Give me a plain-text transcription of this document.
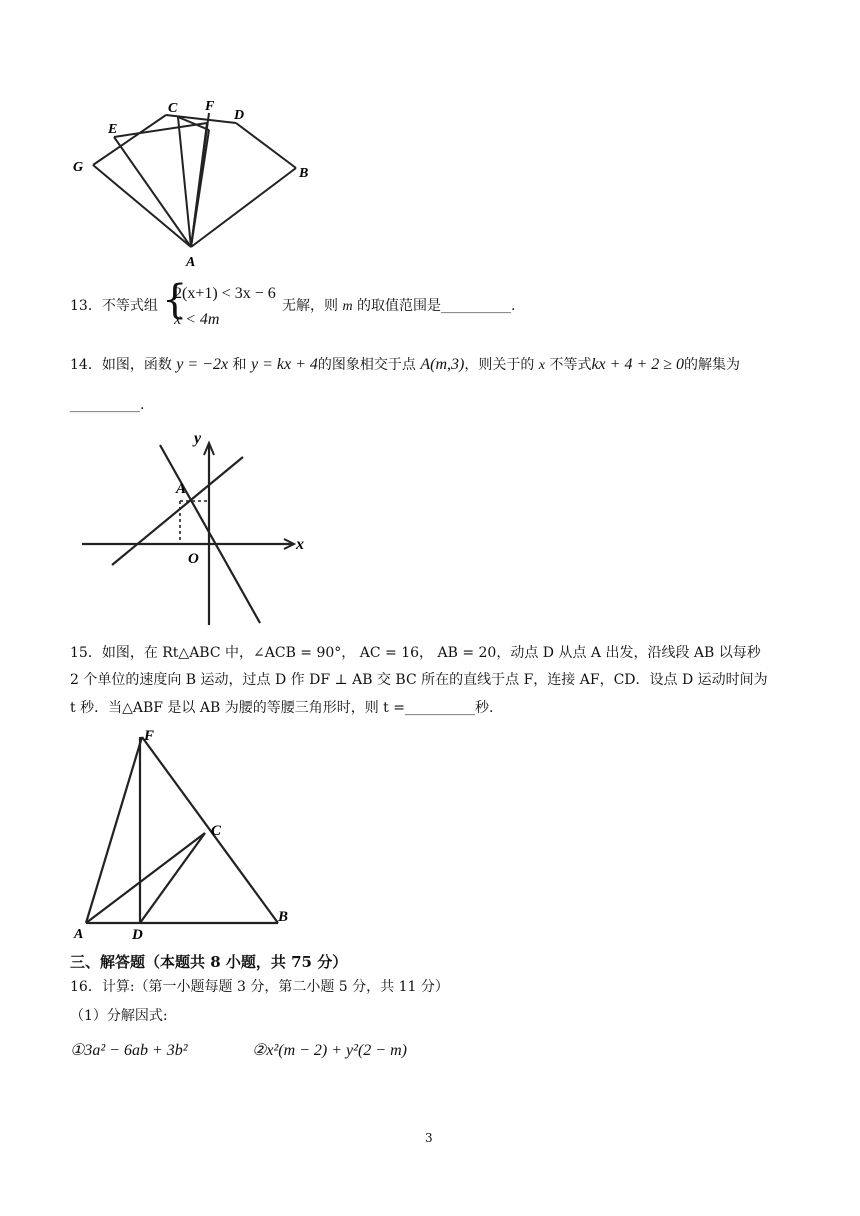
C F
E
D
G	B
A
13．不等式组 {
2(x+1) < 3x − 6
x < 4m
无解，则 m 的取值范围是__________.
14．如图，函数 y = −2x 和 y = kx + 4的图象相交于点 A(m,3)，则关于的 x 不等式kx + 4 + 2 ≥ 0的解集为
__________.
y
A
O
x
15．如图，在 Rt△ABC 中，∠ACB = 90°， AC = 16， AB = 20，动点 D 从点 A 出发，沿线段 AB 以每秒
2 个单位的速度向 B 运动，过点 D 作 DF ⊥ AB 交 BC 所在的直线于点 F，连接 AF，CD．设点 D 运动时间为
t 秒．当△ABF 是以 AB 为腰的等腰三角形时，则 t =__________秒.
F
C
A	D
B
三、解答题（本题共 8 小题，共 75 分）
16．计算:（第一小题每题 3 分，第二小题 5 分，共 11 分）
（1）分解因式:
①3a² − 6ab + 3b²	②x²(m − 2) + y²(2 − m)
3
